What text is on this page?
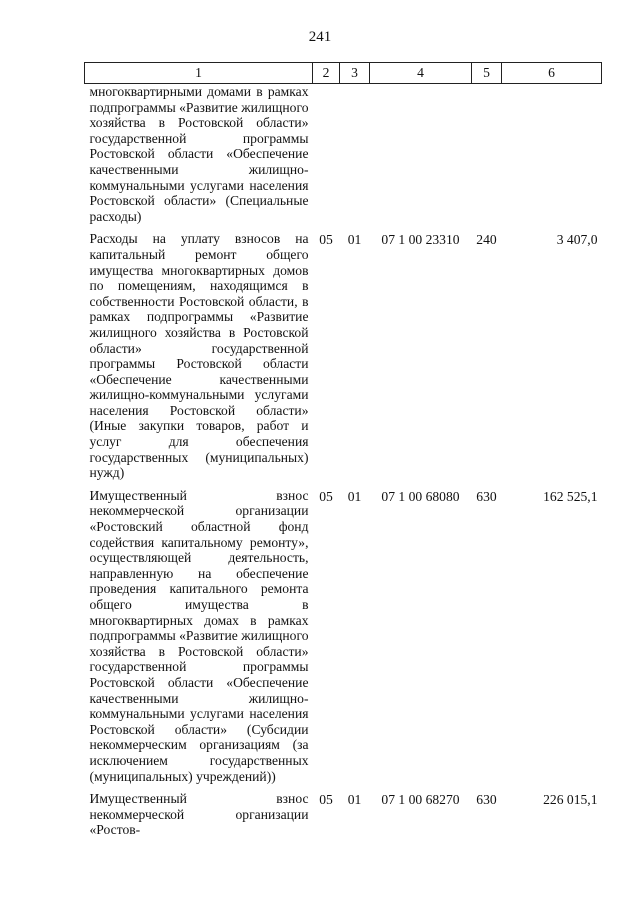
241
1	2	3	4	5	6

многоквартирными домами в рамках подпрограммы «Развитие жилищного хозяйства в Ростовской области» государственной программы Ростовской области «Обеспечение качественными жилищно-коммунальными услугами населения Ростовской области» (Специальные расходы)					

Расходы на уплату взносов на капитальный ремонт общего имущества многоквартирных домов по помещениям, находящимся в собственности Ростовской области, в рамках подпрограммы «Развитие жилищного хозяйства в Ростовской области» государственной программы Ростовской области «Обеспечение качественными жилищно-коммунальными услугами населения Ростовской области» (Иные закупки товаров, работ и услуг для обеспечения государственных (муниципальных) нужд)	05	01	07 1 00 23310	240	3 407,0

Имущественный взнос некоммерческой организации «Ростовский областной фонд содействия капитальному ремонту», осуществляющей деятельность, направленную на обеспечение проведения капитального ремонта общего имущества в многоквартирных домах в рамках подпрограммы «Развитие жилищного хозяйства в Ростовской области» государственной программы Ростовской области «Обеспечение качественными жилищно-коммунальными услугами населения Ростовской области» (Субсидии некоммерческим организациям (за исключением государственных (муниципальных) учреждений))	05	01	07 1 00 68080	630	162 525,1

Имущественный взнос некоммерческой организации «Ростов-	05	01	07 1 00 68270	630	226 015,1
